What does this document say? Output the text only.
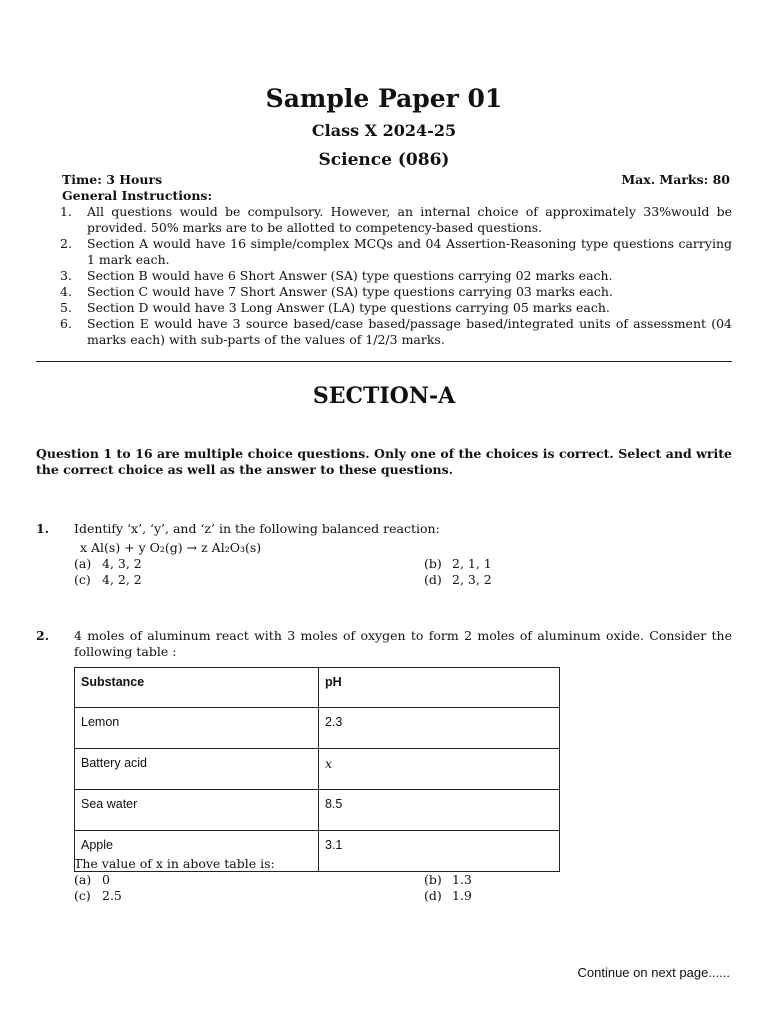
Sample Paper 01
Class X 2024-25
Science (086)
Time: 3 Hours	Max. Marks: 80
General Instructions:
1. All questions would be compulsory. However, an internal choice of approximately 33%would be provided. 50% marks are to be allotted to competency-based questions.
2. Section A would have 16 simple/complex MCQs and 04 Assertion-Reasoning type questions carrying 1 mark each.
3. Section B would have 6 Short Answer (SA) type questions carrying 02 marks each.
4. Section C would have 7 Short Answer (SA) type questions carrying 03 marks each.
5. Section D would have 3 Long Answer (LA) type questions carrying 05 marks each.
6. Section E would have 3 source based/case based/passage based/integrated units of assessment (04 marks each) with sub-parts of the values of 1/2/3 marks.
SECTION-A
Question 1 to 16 are multiple choice questions. Only one of the choices is correct. Select and write the correct choice as well as the answer to these questions.
1. Identify ‘x’, ‘y’, and ‘z’ in the following balanced reaction:
x Al(s) + y O₂(g) → z Al₂O₃(s)
(a) 4, 3, 2	(b) 2, 1, 1
(c) 4, 2, 2	(d) 2, 3, 2
2. 4 moles of aluminum react with 3 moles of oxygen to form 2 moles of aluminum oxide. Consider the following table :
Substance	pH
Lemon	2.3
Battery acid	x
Sea water	8.5
Apple	3.1
The value of x in above table is:
(a) 0	(b) 1.3
(c) 2.5	(d) 1.9
Continue on next page......
